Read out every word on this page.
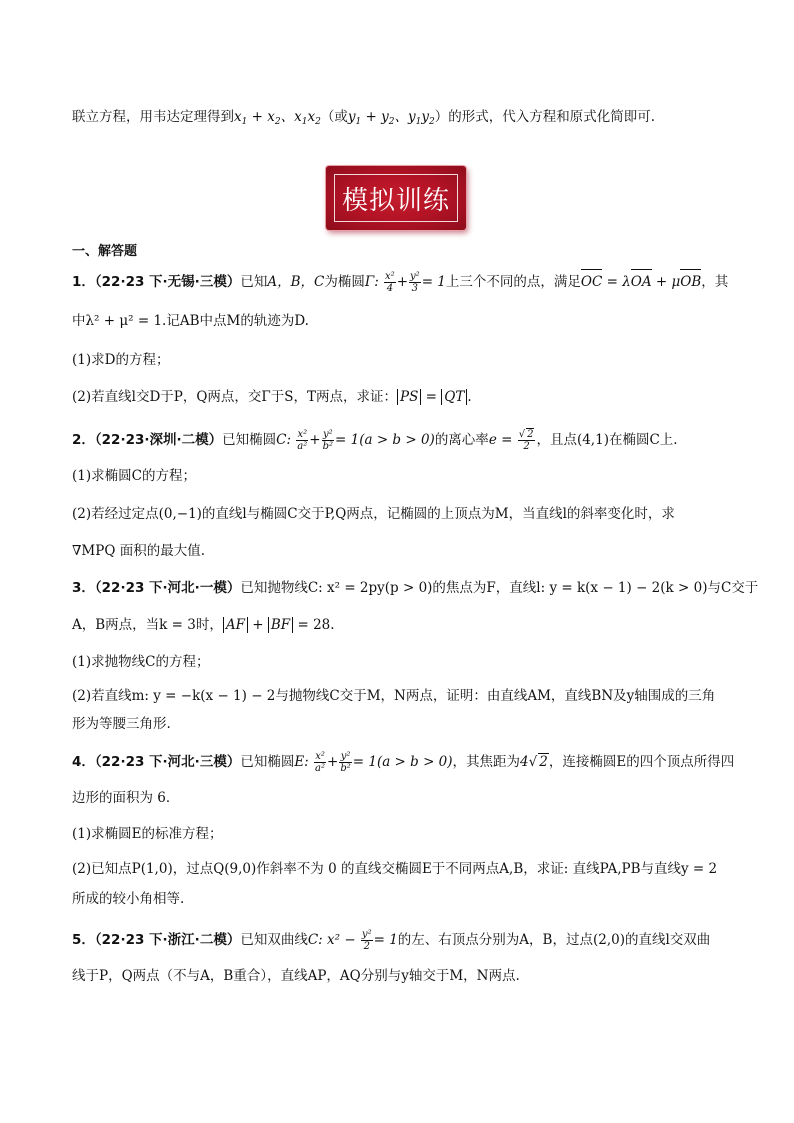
联立方程，用韦达定理得到$x_1 + x_2$、$x_1x_2$（或$y_1 + y_2$、$y_1y_2$）的形式，代入方程和原式化简即可.
模拟训练
一、解答题
1．（22·23 下·无锡·三模）已知A，B，C为椭圆Γ: $\frac{\text{x²}}{4} + \frac{\text{y²}}{3} = 1$上三个不同的点，满足OC = λOA + μOB，其
中λ² + μ² = 1.记AB中点M的轨迹为D.
(1)求D的方程；
(2)若直线l交D于P，Q两点，交Γ于S，T两点，求证： PS = QT .
2．（22·23·深圳·二模）已知椭圆C: $\frac{\text{x²}}{\text{a²}} + \frac{\text{y²}}{\text{b²}} = 1(a > b > 0)$的离心率$e = \frac{√ 2}{2}$ ，且点(4,1)在椭圆C上.
(1)求椭圆C的方程；
(2)若经过定点(0,−1)的直线l与椭圆C交于P,Q两点，记椭圆的上顶点为M，当直线l的斜率变化时，求
∇MPQ 面积的最大值.
3．（22·23 下·河北·一模）已知抛物线C: x² = 2py(p > 0)的焦点为F，直线l: y = k(x − 1) − 2(k > 0)与C交于
A，B两点，当k = 3时， AF + BF = 28.
(1)求抛物线C的方程；
(2)若直线m: y = −k(x − 1) − 2与抛物线C交于M，N两点，证明：由直线AM，直线BN及y轴围成的三角
形为等腰三角形.
4．（22·23 下·河北·三模）已知椭圆E: $\frac{\text{x²}}{\text{a²}} + \frac{\text{y²}}{\text{b²}} = 1(a > b > 0)$，其焦距为4√ 2，连接椭圆E的四个顶点所得四
边形的面积为 6．
(1)求椭圆E的标准方程；
(2)已知点P(1,0)，过点Q(9,0)作斜率不为 0 的直线交椭圆E于不同两点A,B，求证: 直线PA,PB与直线y = 2
所成的较小角相等.
5．（22·23 下·浙江·二模）已知双曲线C: $x^2 - \frac{\text{y²}}{2} = 1$的左、右顶点分别为A，B，过点(2,0)的直线l交双曲
线于P，Q两点（不与A，B重合），直线AP，AQ分别与y轴交于M，N两点.
